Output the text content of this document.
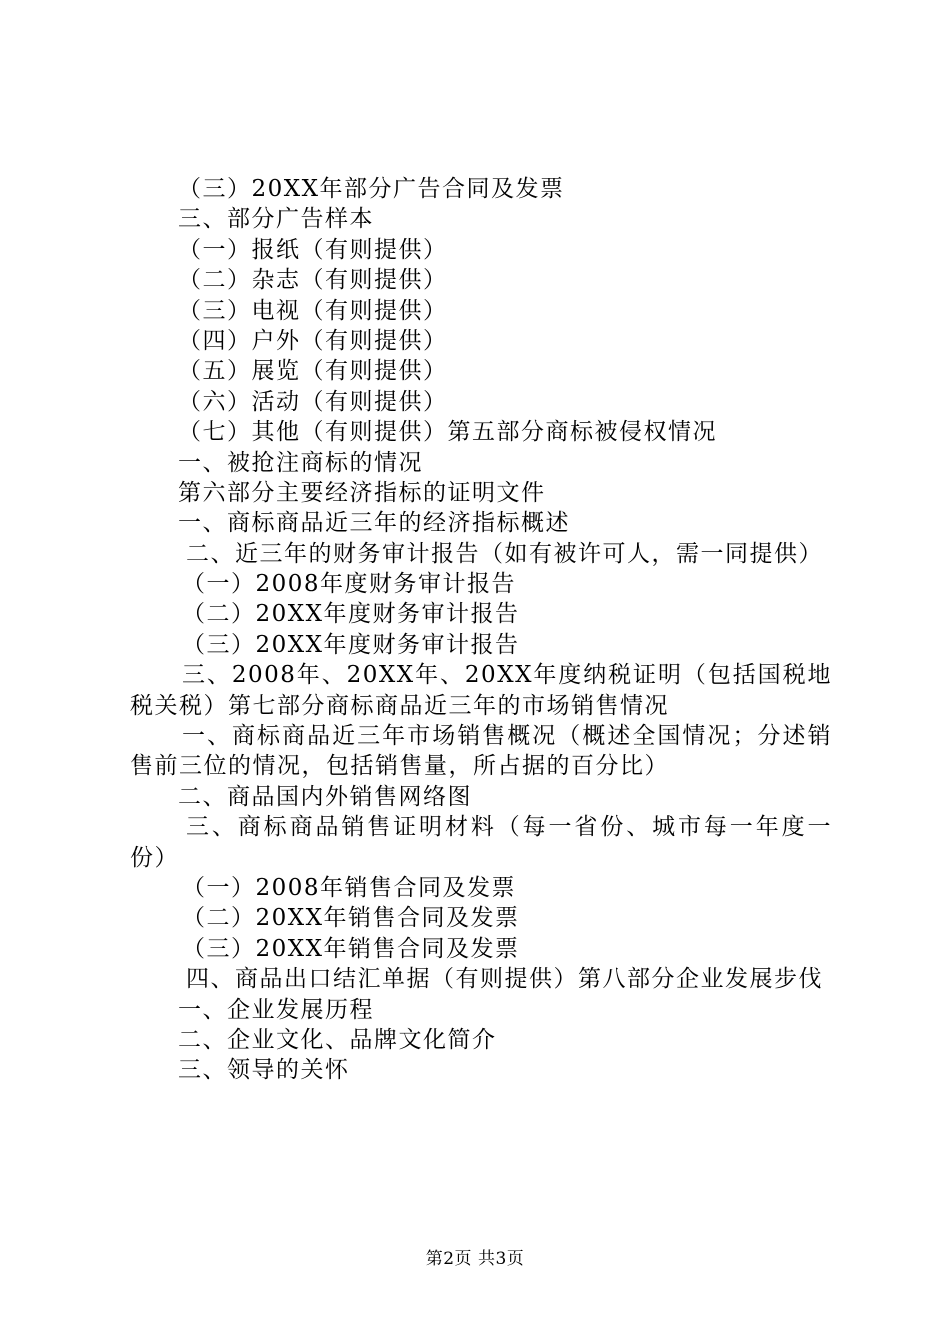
（三）20XX年部分广告合同及发票
三、部分广告样本
（一）报纸（有则提供）
（二）杂志（有则提供）
（三）电视（有则提供）
（四）户外（有则提供）
（五）展览（有则提供）
（六）活动（有则提供）
（七）其他（有则提供）第五部分商标被侵权情况
一、被抢注商标的情况
第六部分主要经济指标的证明文件
一、商标商品近三年的经济指标概述
二、近三年的财务审计报告（如有被许可人，需一同提供）
（一）2008年度财务审计报告
（二）20XX年度财务审计报告
（三）20XX年度财务审计报告
三、2008年、20XX年、20XX年度纳税证明（包括国税地税关税）第七部分商标商品近三年的市场销售情况
一、商标商品近三年市场销售概况（概述全国情况；分述销售前三位的情况，包括销售量，所占据的百分比）
二、商品国内外销售网络图
三、商标商品销售证明材料（每一省份、城市每一年度一份）
（一）2008年销售合同及发票
（二）20XX年销售合同及发票
（三）20XX年销售合同及发票
四、商品出口结汇单据（有则提供）第八部分企业发展步伐
一、企业发展历程
二、企业文化、品牌文化简介
三、领导的关怀
第2页 共3页
